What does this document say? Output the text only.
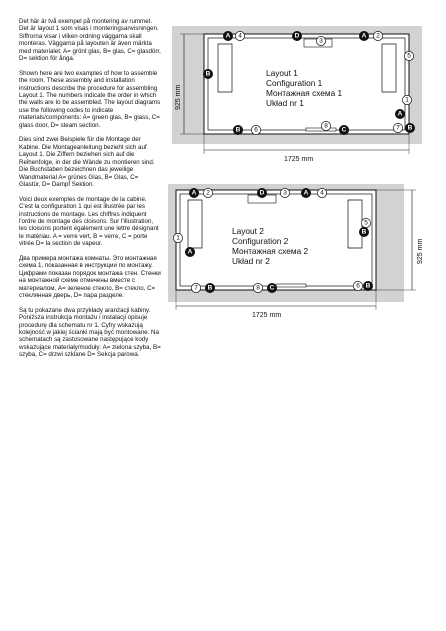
Det här är två exempel på montering av rummet. Det är layout 1 som visas i monteringsanvisningen. Siffrorna visar i vilken ordning väggarna skall monteras. Väggarna på layouten är även märkta med materialet. A= grönt glas, B= glas, C= glasdörr, D= sektion för ånga.

Shown here are two examples of how to assemble the room. These assembly and installation instructions describe the procedure for assembling Layout 1. The numbers indicate the order in which the walls are to be assembled. The layout diagrams use the following codes to indicate materials/components: A= green glas, B= glass, C= glass door, D= steam section.

Dies sind zwei Beispiele für die Montage der Kabine. Die Montageanleitung bezieht sich auf Layout 1. Die Ziffern beziehen sich auf die Reihenfolge, in der die Wände zu montieren sind. Die Buchstaben bezeichnen das jeweilige Wandmaterial A= grünes Glas, B= Glas, C= Glastür, D= Dampf Sektion.

Voici deux exemples de montage de la cabine. C'est la configuration 1 qui est illustrée par les instructions de montage. Les chiffres indiquent l'ordre de montage des cloisons. Sur l'illustration, les cloisons portent également une lettre désignant le matériau. A = verre vert, B = verre, C = porte vitrée D= la section de vapeur.

Два примера монтажа комнаты. Это монтажная схема 1, показанная в инструкции по монтажу. Цифрами показан порядок монтажа стен. Стенки на монтажной схеме отмечены вместе с материалом. A= зеленое стекло, B= стекло, C= стеклянная дверь, D= пара разделе.

Są tu pokazane dwa przykłady aranżacji kabiny. Poniższa instrukcja montażu i instalacji opisuje procedurę dla schematu nr 1. Cyfry wskazują kolejność w jakiej ścianki mają być montowane. Na schematach są zastosowane następujące kody wskazujące materiały/moduły: A= zielona szyba, B= szyba, C= drzwi szklane D= Sekcja parowa.

Layout 1
Configuration 1
Монтажная схема 1
Układ nr 1
925 mm
1725 mm
A 4	D
3
A 2
5
B
1
A
B 6
8
C	7 B
Layout 2
Configuration 2
Монтажная схема 2
Układ nr 2	925 mm
1725 mm
A 2	D	3	A 4
1
A
5
B
7 B	8 C	6 B
